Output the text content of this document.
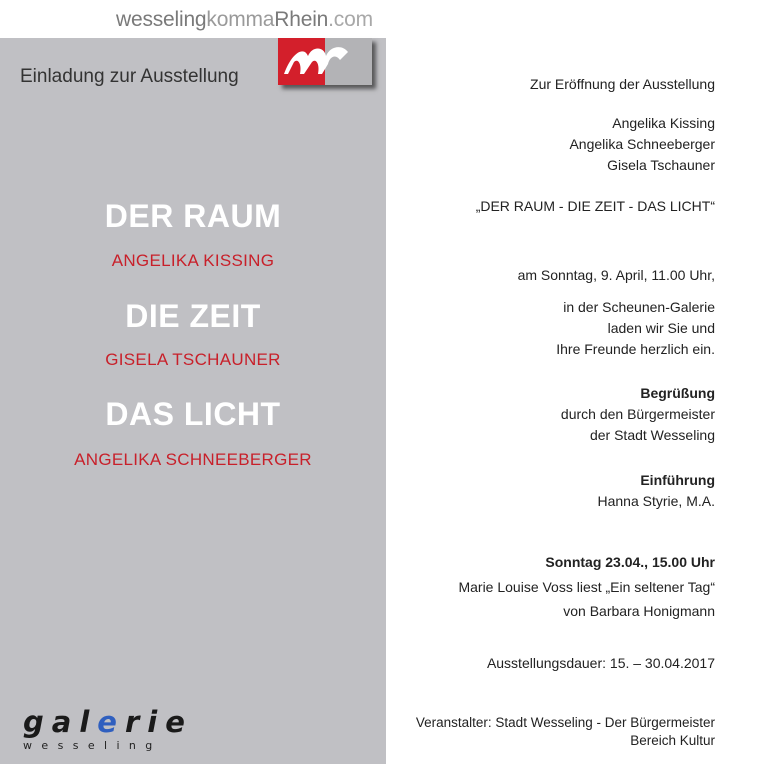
wesselingkommaRhein.com
Einladung zur Ausstellung
DER RAUM
ANGELIKA KISSING
DIE ZEIT
GISELA TSCHAUNER
DAS LICHT
ANGELIKA SCHNEEBERGER
galerie
wesseling
Zur Eröffnung der Ausstellung
Angelika Kissing
Angelika Schneeberger
Gisela Tschauner
„DER RAUM - DIE ZEIT - DAS LICHT“
am Sonntag, 9. April, 11.00 Uhr,
in der Scheunen-Galerie
laden wir Sie und
Ihre Freunde herzlich ein.
Begrüßung
durch den Bürgermeister
der Stadt Wesseling
Einführung
Hanna Styrie, M.A.
Sonntag 23.04., 15.00 Uhr
Marie Louise Voss liest „Ein seltener Tag“
von Barbara Honigmann
Ausstellungsdauer: 15. – 30.04.2017
Veranstalter: Stadt Wesseling - Der Bürgermeister
Bereich Kultur
